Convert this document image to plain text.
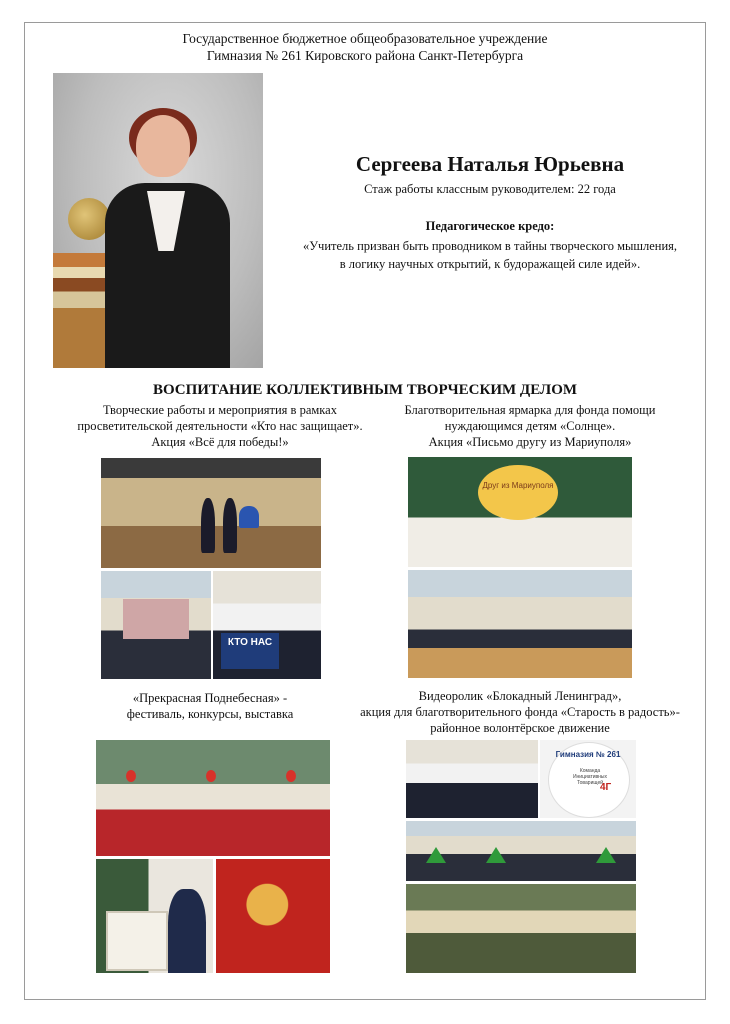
Государственное бюджетное общеобразовательное учреждение
Гимназия № 261 Кировского района Санкт-Петербурга
Сергеева Наталья Юрьевна
Стаж работы классным руководителем: 22 года
Педагогическое кредо:
«Учитель призван быть проводником в тайны творческого мышления,
в логику научных открытий, к будоражащей силе идей».
ВОСПИТАНИЕ КОЛЛЕКТИВНЫМ ТВОРЧЕСКИМ ДЕЛОМ
Творческие работы и мероприятия в рамках
просветительской деятельности «Кто нас защищает».
Акция «Всё для победы!»
Благотворительная ярмарка для фонда помощи
нуждающимся детям «Солнце».
Акция «Письмо другу из Мариуполя»
КТО НАС
Друг из Мариуполя
«Прекрасная Поднебесная» -
фестиваль, конкурсы, выставка
Видеоролик «Блокадный Ленинград»,
акция для благотворительного фонда «Старость в радость»-
районное волонтёрское движение
Гимназия № 261
Команда Инициативных Товарищей
4Г
